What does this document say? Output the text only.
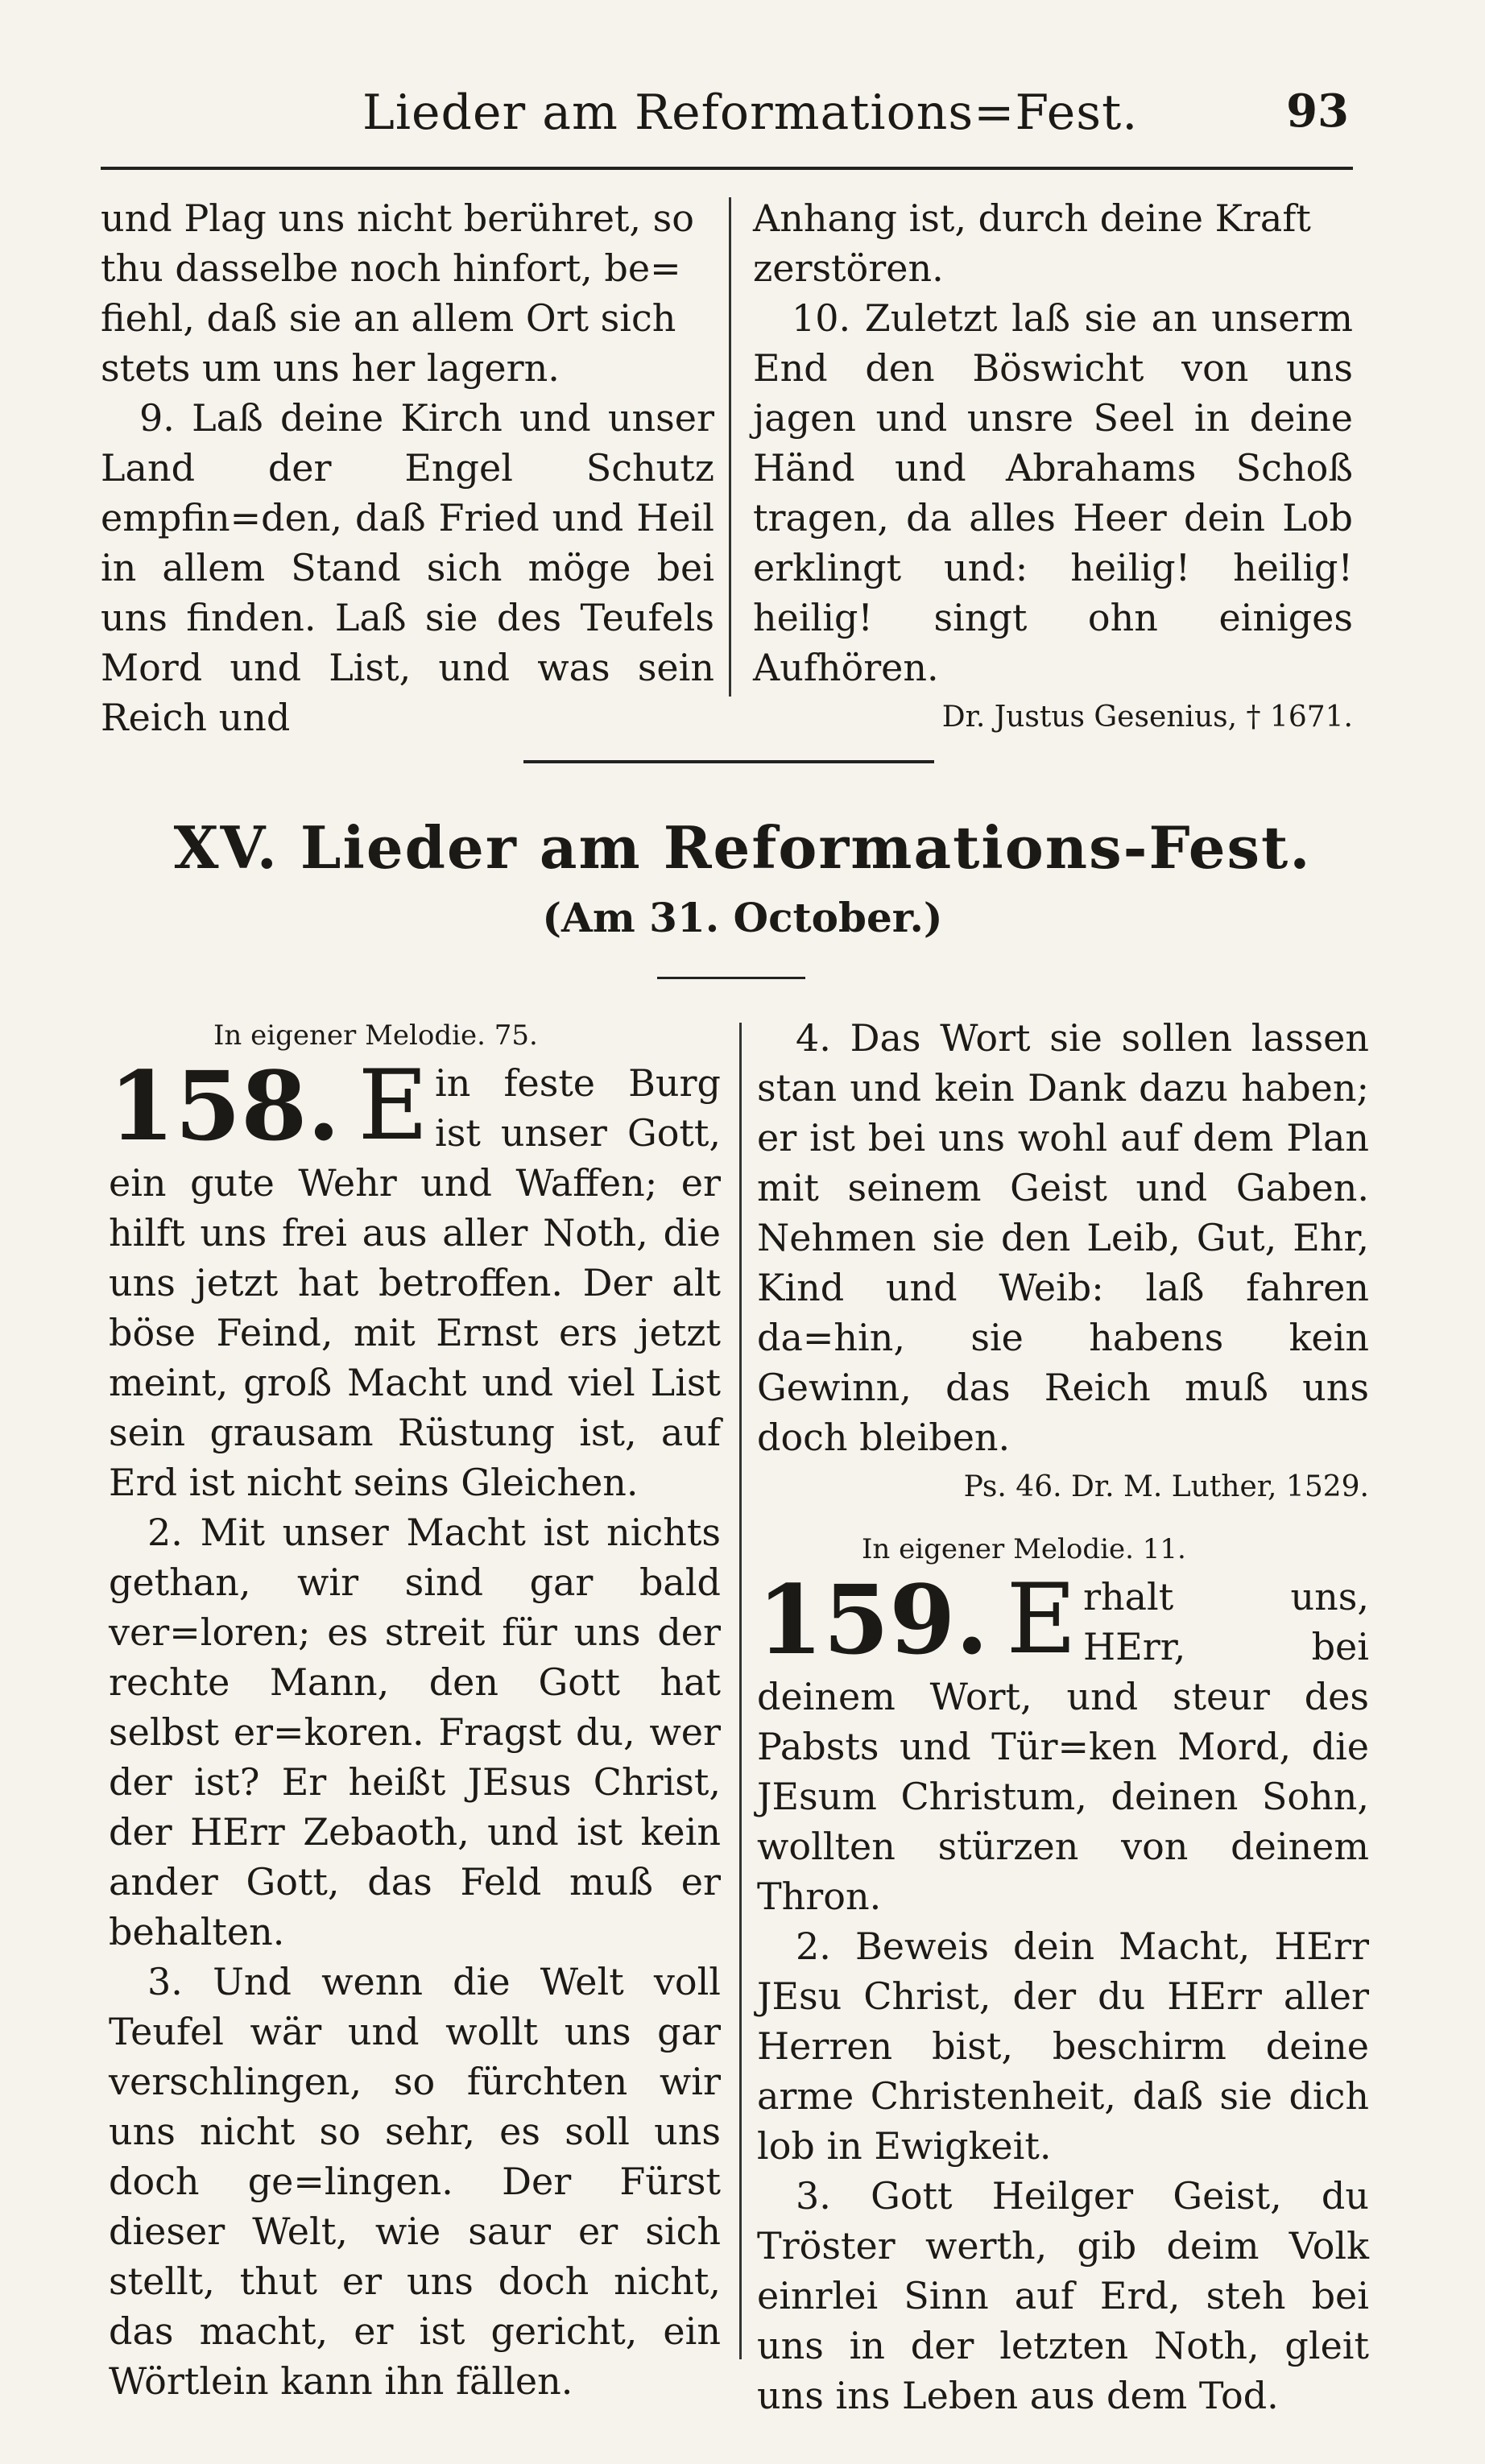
Lieder am Reformations=Fest.	93

und Plag uns nicht berühret, so

thu dasselbe noch hinfort, be=

fiehl, daß sie an allem Ort sich

stets um uns her lagern.

9. Laß deine Kirch und unser Land der Engel Schutz empfin=den, daß Fried und Heil in allem Stand sich möge bei uns finden. Laß sie des Teufels Mord und List, und was sein Reich und

Anhang ist, durch deine Kraft

zerstören.

10. Zuletzt laß sie an unserm End den Böswicht von uns jagen und unsre Seel in deine Händ und Abrahams Schoß tragen, da alles Heer dein Lob erklingt und: heilig! heilig! heilig! singt ohn einiges Aufhören.

Dr. Justus Gesenius, † 1671.

XV. Lieder am Reformations-Fest.
(Am 31. October.)

In eigener Melodie. 75.

158. E in feste Burg ist unser Gott, ein gute Wehr und Waffen; er hilft uns frei aus aller Noth, die uns jetzt hat betroffen. Der alt böse Feind, mit Ernst ers jetzt meint, groß Macht und viel List sein grausam Rüstung ist, auf Erd ist nicht seins Gleichen.

2. Mit unser Macht ist nichts gethan, wir sind gar bald ver=loren; es streit für uns der rechte Mann, den Gott hat selbst er=koren. Fragst du, wer der ist? Er heißt JEsus Christ, der HErr Zebaoth, und ist kein ander Gott, das Feld muß er behalten.

3. Und wenn die Welt voll Teufel wär und wollt uns gar verschlingen, so fürchten wir uns nicht so sehr, es soll uns doch ge=lingen. Der Fürst dieser Welt, wie saur er sich stellt, thut er uns doch nicht, das macht, er ist gericht, ein Wörtlein kann ihn fällen.

4. Das Wort sie sollen lassen stan und kein Dank dazu haben; er ist bei uns wohl auf dem Plan mit seinem Geist und Gaben. Nehmen sie den Leib, Gut, Ehr, Kind und Weib: laß fahren da=hin, sie habens kein Gewinn, das Reich muß uns doch bleiben.

Ps. 46. Dr. M. Luther, 1529.

In eigener Melodie. 11.

159. E rhalt uns, HErr, bei deinem Wort, und steur des Pabsts und Tür=ken Mord, die JEsum Christum, deinen Sohn, wollten stürzen von deinem Thron.

2. Beweis dein Macht, HErr JEsu Christ, der du HErr aller Herren bist, beschirm deine arme Christenheit, daß sie dich lob in Ewigkeit.

3. Gott Heilger Geist, du Tröster werth, gib deim Volk einrlei Sinn auf Erd, steh bei uns in der letzten Noth, gleit uns ins Leben aus dem Tod.
